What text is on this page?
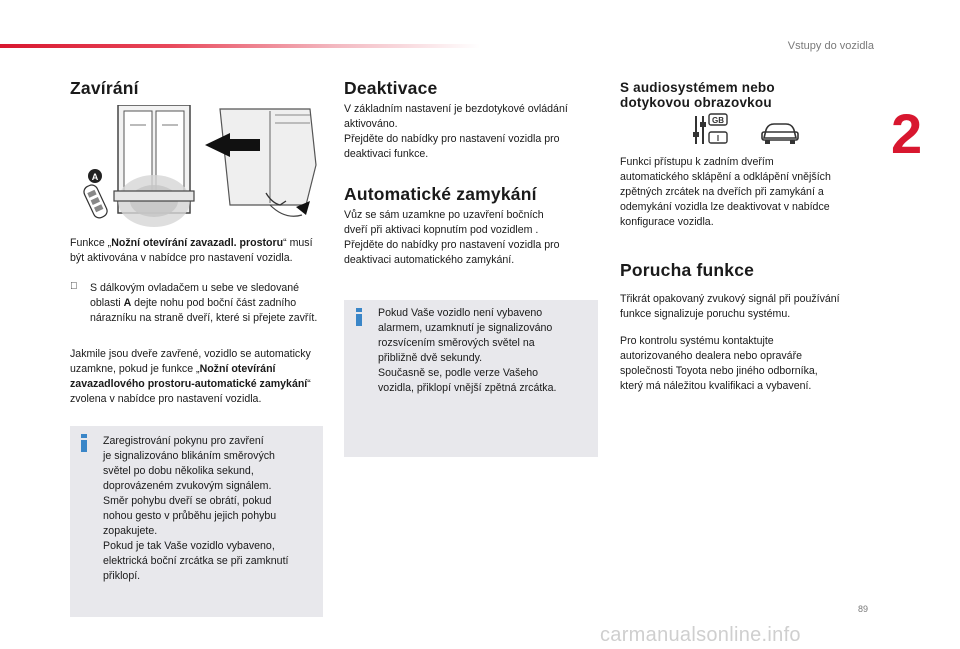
Vstupy do vozidla
2
Zavírání
A

Funkce „Nožní otevírání zavazadl. prostoru“ musí být aktivována v nabídce pro nastavení vozidla.

S dálkovým ovladačem u sebe ve sledované oblasti A dejte nohu pod boční část zadního nárazníku na straně dveří, které si přejete zavřít.

Jakmile jsou dveře zavřené, vozidlo se automaticky uzamkne, pokud je funkce „Nožní otevírání zavazadlového prostoru-automatické zamykání“ zvolena v nabídce pro nastavení vozidla.

Zaregistrování pokynu pro zavření

je signalizováno blikáním směrových

světel po dobu několika sekund,

doprovázeném zvukovým signálem.

Směr pohybu dveří se obrátí, pokud

nohou gesto v průběhu jejich pohybu

zopakujete.

Pokud je tak Vaše vozidlo vybaveno,

elektrická boční zrcátka se při zamknutí

přiklopí.

Deaktivace

V základním nastavení je bezdotykové ovládání

aktivováno.

Přejděte do nabídky pro nastavení vozidla pro

deaktivaci funkce.

Automatické zamykání

Vůz se sám uzamkne po uzavření bočních

dveří při aktivaci kopnutím pod vozidlem .

Přejděte do nabídky pro nastavení vozidla pro

deaktivaci automatického zamykání.

Pokud Vaše vozidlo není vybaveno

alarmem, uzamknutí je signalizováno

rozsvícením směrových světel na

přibližně dvě sekundy.

Současně se, podle verze Vašeho

vozidla, přiklopí vnější zpětná zrcátka.

S audiosystémem nebo
dotykovou obrazovkou
GB
I

Funkci přístupu k zadním dveřím

automatického sklápění a odklápění vnějších

zpětných zrcátek na dveřích při zamykání a

odemykání vozidla lze deaktivovat v nabídce

konfigurace vozidla.

Porucha funkce

Třikrát opakovaný zvukový signál při používání

funkce signalizuje poruchu systému.

Pro kontrolu systému kontaktujte

autorizovaného dealera nebo opraváře

společnosti Toyota nebo jiného odborníka,

který má náležitou kvalifikaci a vybavení.

89
carmanualsonline.info
